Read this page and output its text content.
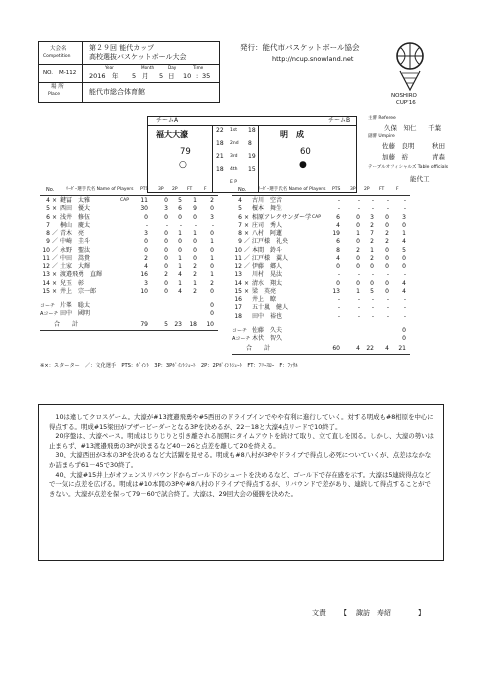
大会名
Competition
第２９回 能代カップ
高校選抜バスケットボール大会
NO. M-112
Year	Month	Day	Time
2016 年 5 月 5 日 10 : 35
場 所
Place	能代市総合体育館
発行：能代市バスケットボール協会
http://ncup.snowland.net
NOSHIRO
CUP'16
チームA	チームB
福大大濠	明　成
79	60
○	●
22 1st 18
18 2nd 8
21 3rd 19
18 4th 15
E P
主審 Referee
久保　知仁 千葉
副審 Umpire
佐藤　良明	秋田
加藤　裕	青森
テーブルオフィシャルズ Table officials
能代工
No.	ﾘｰﾀﾞｰ選手氏名 Name of Players PTS 3P 2P FT	F
4 × 鍵冨　太雅	CAP 11	0	5	1	2
5 × 西田　優大	30	3	6	9	0
6 × 浅井　修伍	0	0	0	0	3
7 桐山　慶太	-	-	-	-	-
8 ／ 青木　亮	3	0	1	1	0
9 ／ 中崎　圭斗	0	0	0	0	1
10 ／ 永野　聖汰	0	0	0	0	0
11 ／ 中田　嵩貴	2	0	1	0	1
12 ／ 土家　大輝	4	0	1	2	0
13 × 渡邉飛勇　直輝	16	2	4	2	1
14 × 兒玉　彰	3	0	1	1	2
15 × 井上　宗一郎	10	0	4	2	0
コーチ 片峯　聡太	0
Aコーチ 田中　國明	0
合　　計	79	5 23 18 10
No.	ﾘｰﾀﾞｰ選手氏名 Name of Players PTS 3P 2P FT	F
4 古川　空音	-	-	-	-	-
5 榎本　舞生	-	-	-	-	-
6 × 相原アレクサンダー学 CAP	6	0	3	0	3
7 × 庄司　秀人	4	0	2	0	0
8 × 八村　阿蓮	19	1	7	2	1
9 ／ 江戸様　礼央	6	0	2	2	4
10 ／ 本間　鈴斗	8	2	1	0	5
11 ／ 江戸様　翼人	4	0	2	0	0
12 ／ 伊藤　郷人	0	0	0	0	0
13 川村　晃汰	-	-	-	-	-
14 × 清水　翔太	0	0	0	0	4
15 × 梁　英亮	13	1	5	0	4
16 井上　瞭	-	-	-	-	-
17 五十嵐　健人	-	-	-	-	-
18 田中　裕也	-	-	-	-	-
コーチ 佐藤　久夫	0
Aコーチ 木伏　智久	0
合　　計	60	4 22	4 21
※×：スターター　／：文化選手　PTS：ﾎﾟｲﾝﾄ　3P：3Pﾎﾟｲﾝﾄｼｭｰﾄ　2P：2Pﾎﾟｲﾝﾄｼｭｰﾄ　FT：ﾌﾘｰｽﾛｰ　F：ﾌｧｳﾙ
　10は違してクロスゲーム。大濠が#13渡邉飛勇や#5西田のドライブインでやや有利に進行していく。対する明成も#8相原を中心に得点する。明成#15梁田がブザービーダーとなる3Pを決めるが、22－18と大濠4点リードで10終了。
　20序盤は、大濠ペース。明成はじりじりと引き離される展開にタイムアウトを続けて取り、立て直しを図る。しかし、大濠の勢いは止まらず、#13渡邉飛勇の3Pが決まるなど40－26と点差を離して20を終える。
　30、大濠西田が3本の3Pを決めるなど大活躍を見せる。明成も#8八村が3Pやドライブで得点し必死についていくが、点差はなかなか詰まらず61－45で30終了。
　40、大濠#15井上がオフェンスリバウンドからゴール下のシュートを決めるなど、ゴール下で存在感を示す。大濠は5連続得点などで一気に点差を広げる。明成は#10本間の3Pや#8八村のドライブで得点するが、リバウンドで差があり、連続して得点することができない。大濠が点差を保って79－60で試合終了。大濠は、29回大会の優勝を決めた。
文責 【 諏訪　寿紹	】
